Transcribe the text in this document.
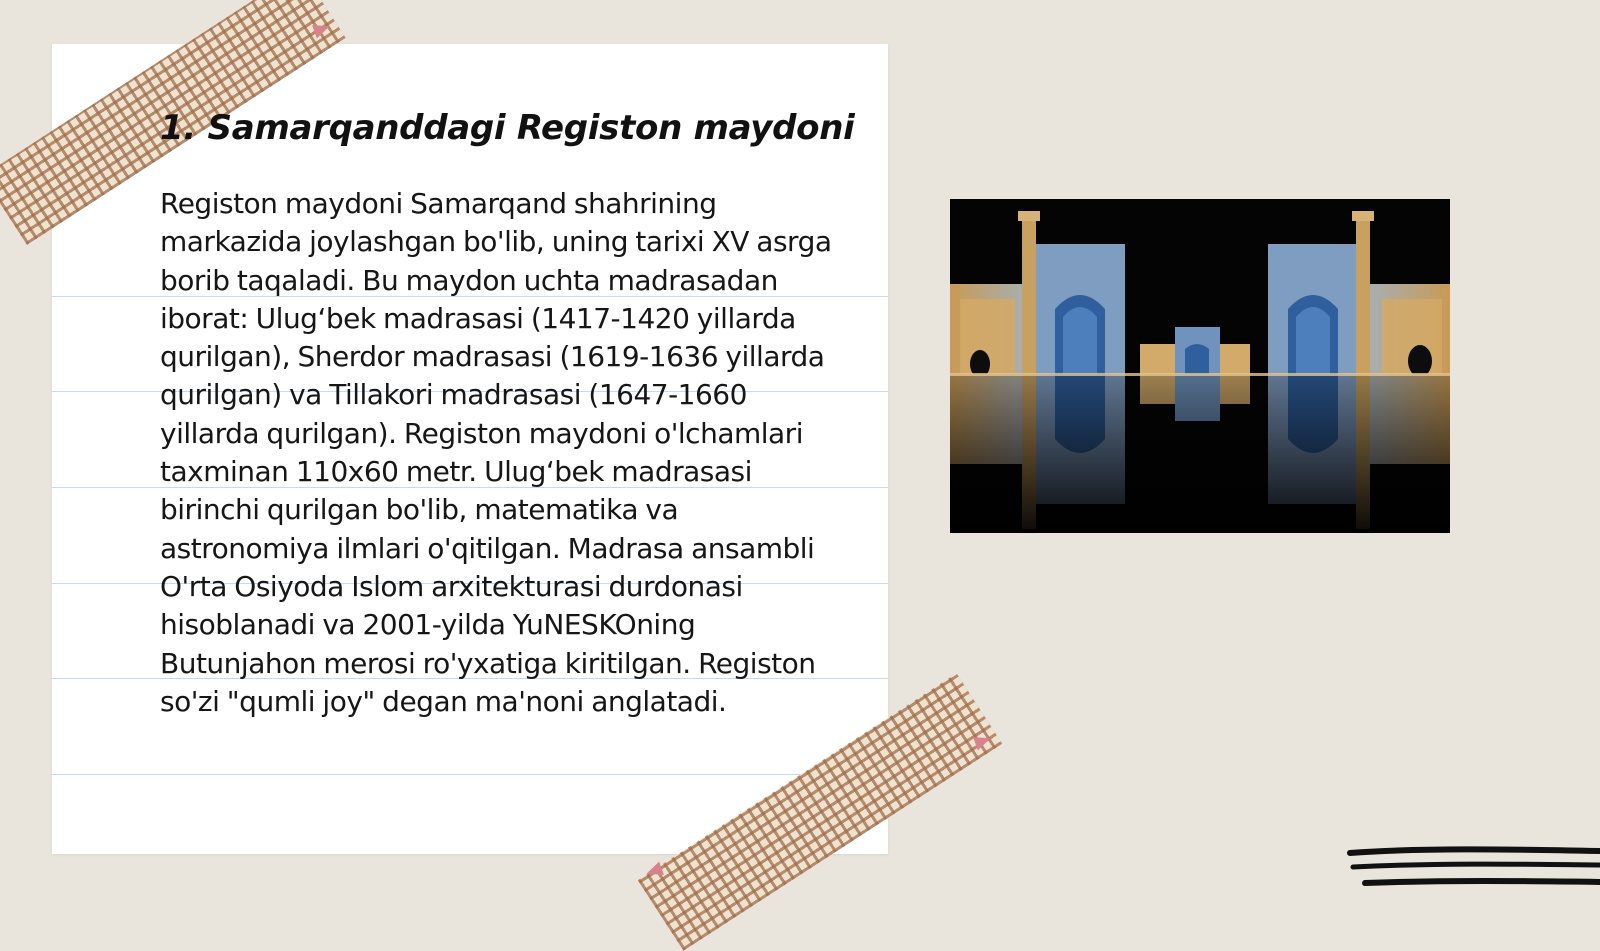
1. Samarqanddagi Registon maydoni

Registon maydoni Samarqand shahrining markazida joylashgan bo'lib, uning tarixi XV asrga borib taqaladi. Bu maydon uchta madrasadan iborat: Ulug‘bek madrasasi (1417-1420 yillarda qurilgan), Sherdor madrasasi (1619-1636 yillarda qurilgan) va Tillakori madrasasi (1647-1660 yillarda qurilgan). Registon maydoni o'lchamlari taxminan 110x60 metr. Ulug‘bek madrasasi birinchi qurilgan bo'lib, matematika va astronomiya ilmlari o'qitilgan. Madrasa ansambli O'rta Osiyoda Islom arxitekturasi durdonasi hisoblanadi va 2001-yilda YuNESKOning Butunjahon merosi ro'yxatiga kiritilgan. Registon so'zi "qumli joy" degan ma'noni anglatadi.
